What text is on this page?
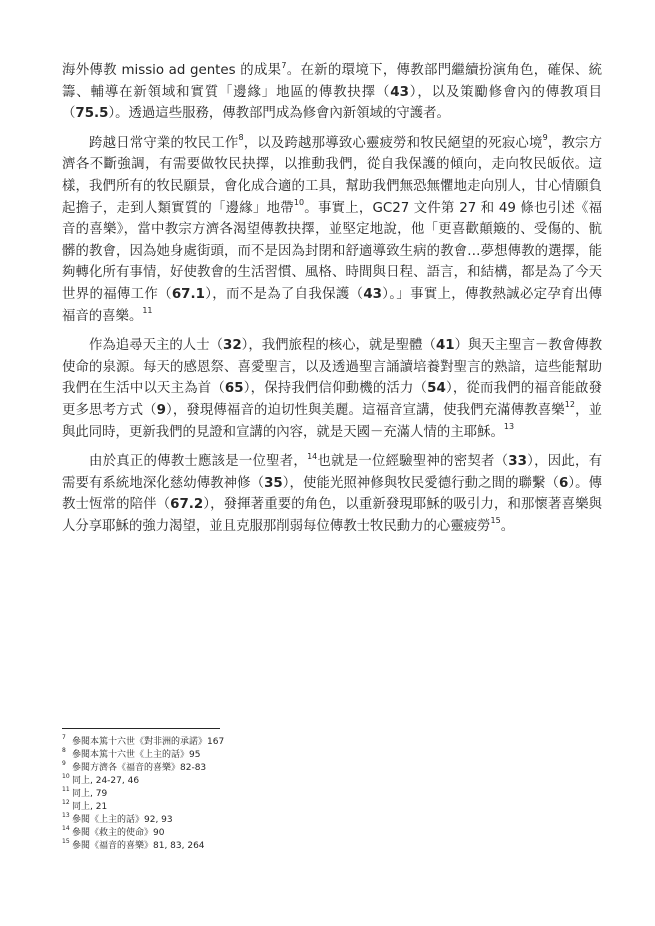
海外傳教 missio ad gentes 的成果$^7$。在新的環境下，傳教部門繼續扮演角色，確保、統籌、輔導在新領域和實質「邊緣」地區的傳教抉擇（43），以及策勵修會內的傳教項目（75.5）。透過這些服務，傳教部門成為修會內新領域的守護者。

跨越日常守業的牧民工作$^8$，以及跨越那導致心靈疲勞和牧民絕望的死寂心境$^9$，教宗方濟各不斷強調，有需要做牧民抉擇，以推動我們，從自我保護的傾向，走向牧民皈依。這樣，我們所有的牧民願景，會化成合適的工具，幫助我們無恐無懼地走向別人，甘心情願負起擔子，走到人類實質的「邊緣」地帶$^{10}$。事實上，GC27 文件第 27 和 49 條也引述《福音的喜樂》，當中教宗方濟各渴望傳教抉擇，並堅定地說，他「更喜歡顛簸的、受傷的、骯髒的教會，因為她身處街頭，而不是因為封閉和舒適導致生病的教會…夢想傳教的選擇，能夠轉化所有事情，好使教會的生活習慣、風格、時間與日程、語言，和結構，都是為了今天世界的福傳工作（67.1），而不是為了自我保護（43）。」事實上，傳教熱誠必定孕育出傳福音的喜樂。$^{11}$

作為追尋天主的人士（32），我們旅程的核心，就是聖體（41）與天主聖言－教會傳教使命的泉源。每天的感恩祭、喜愛聖言，以及透過聖言誦讀培養對聖言的熟諳，這些能幫助我們在生活中以天主為首（65），保持我們信仰動機的活力（54），從而我們的福音能啟發更多思考方式（9），發現傳福音的迫切性與美麗。這福音宣講，使我們充滿傳教喜樂$^{12}$，並與此同時，更新我們的見證和宣講的內容，就是天國－充滿人情的主耶穌。$^{13}$

由於真正的傳教士應該是一位聖者，$^{14}$也就是一位經驗聖神的密契者（33），因此，有需要有系統地深化慈幼傳教神修（35），使能光照神修與牧民愛德行動之間的聯繫（6）。傳教士恆常的陪伴（67.2），發揮著重要的角色，以重新發現耶穌的吸引力，和那懷著喜樂與人分享耶穌的強力渴望，並且克服那削弱每位傳教士牧民動力的心靈疲勞$^{15}$。

$^7$ 參閱本篤十六世《對非洲的承諾》167
$^8$ 參閱本篤十六世《上主的話》95
$^9$ 參閱方濟各《福音的喜樂》82-83
$^{10}$ 同上, 24-27, 46
$^{11}$ 同上, 79
$^{12}$ 同上, 21
$^{13}$ 參閱《上主的話》92, 93
$^{14}$ 參閱《救主的使命》90
$^{15}$ 參閱《福音的喜樂》81, 83, 264
